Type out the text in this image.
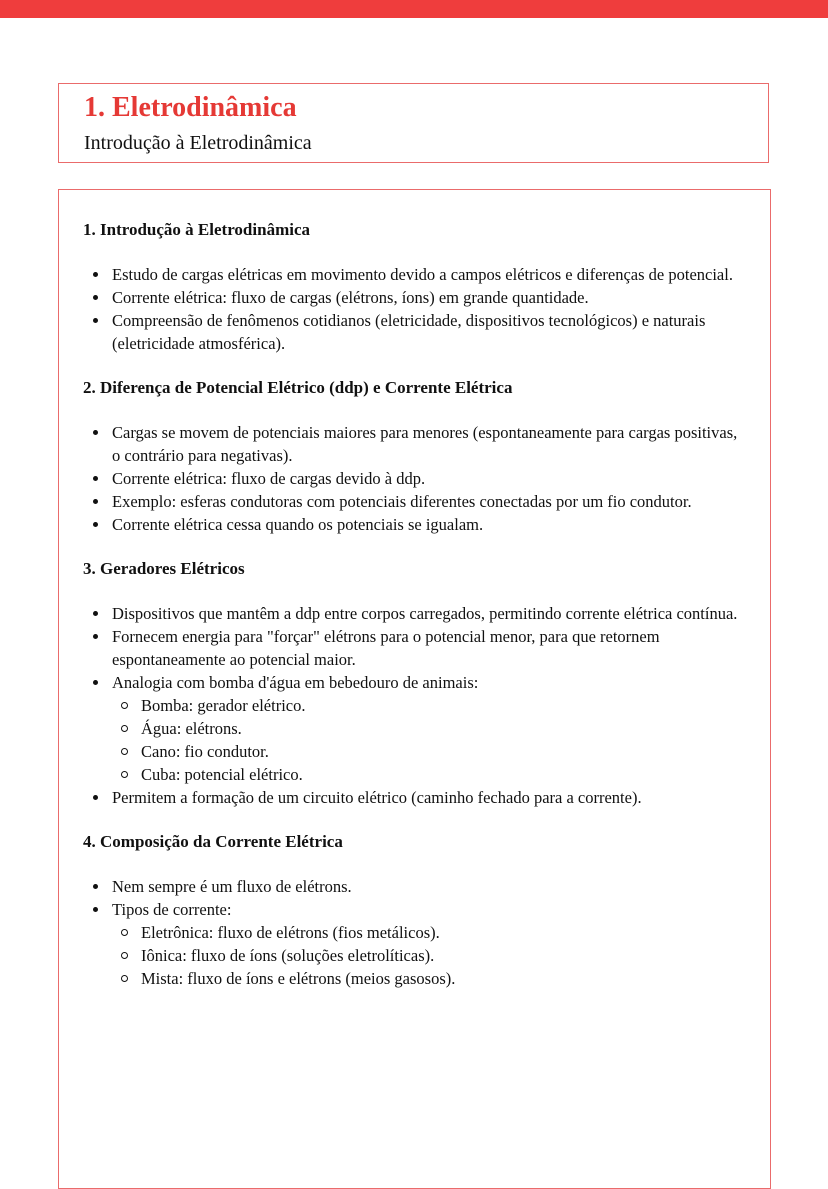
1. Eletrodinâmica

Introdução à Eletrodinâmica

1. Introdução à Eletrodinâmica
Estudo de cargas elétricas em movimento devido a campos elétricos e diferenças de potencial.
Corrente elétrica: fluxo de cargas (elétrons, íons) em grande quantidade.
Compreensão de fenômenos cotidianos (eletricidade, dispositivos tecnológicos) e naturais (eletricidade atmosférica).
2. Diferença de Potencial Elétrico (ddp) e Corrente Elétrica
Cargas se movem de potenciais maiores para menores (espontaneamente para cargas positivas, o contrário para negativas).
Corrente elétrica: fluxo de cargas devido à ddp.
Exemplo: esferas condutoras com potenciais diferentes conectadas por um fio condutor.
Corrente elétrica cessa quando os potenciais se igualam.
3. Geradores Elétricos
Dispositivos que mantêm a ddp entre corpos carregados, permitindo corrente elétrica contínua.
Fornecem energia para "forçar" elétrons para o potencial menor, para que retornem espontaneamente ao potencial maior.
Analogia com bomba d'água em bebedouro de animais:
Bomba: gerador elétrico.
Água: elétrons.
Cano: fio condutor.
Cuba: potencial elétrico.
Permitem a formação de um circuito elétrico (caminho fechado para a corrente).
4. Composição da Corrente Elétrica
Nem sempre é um fluxo de elétrons.
Tipos de corrente:
Eletrônica: fluxo de elétrons (fios metálicos).
Iônica: fluxo de íons (soluções eletrolíticas).
Mista: fluxo de íons e elétrons (meios gasosos).
